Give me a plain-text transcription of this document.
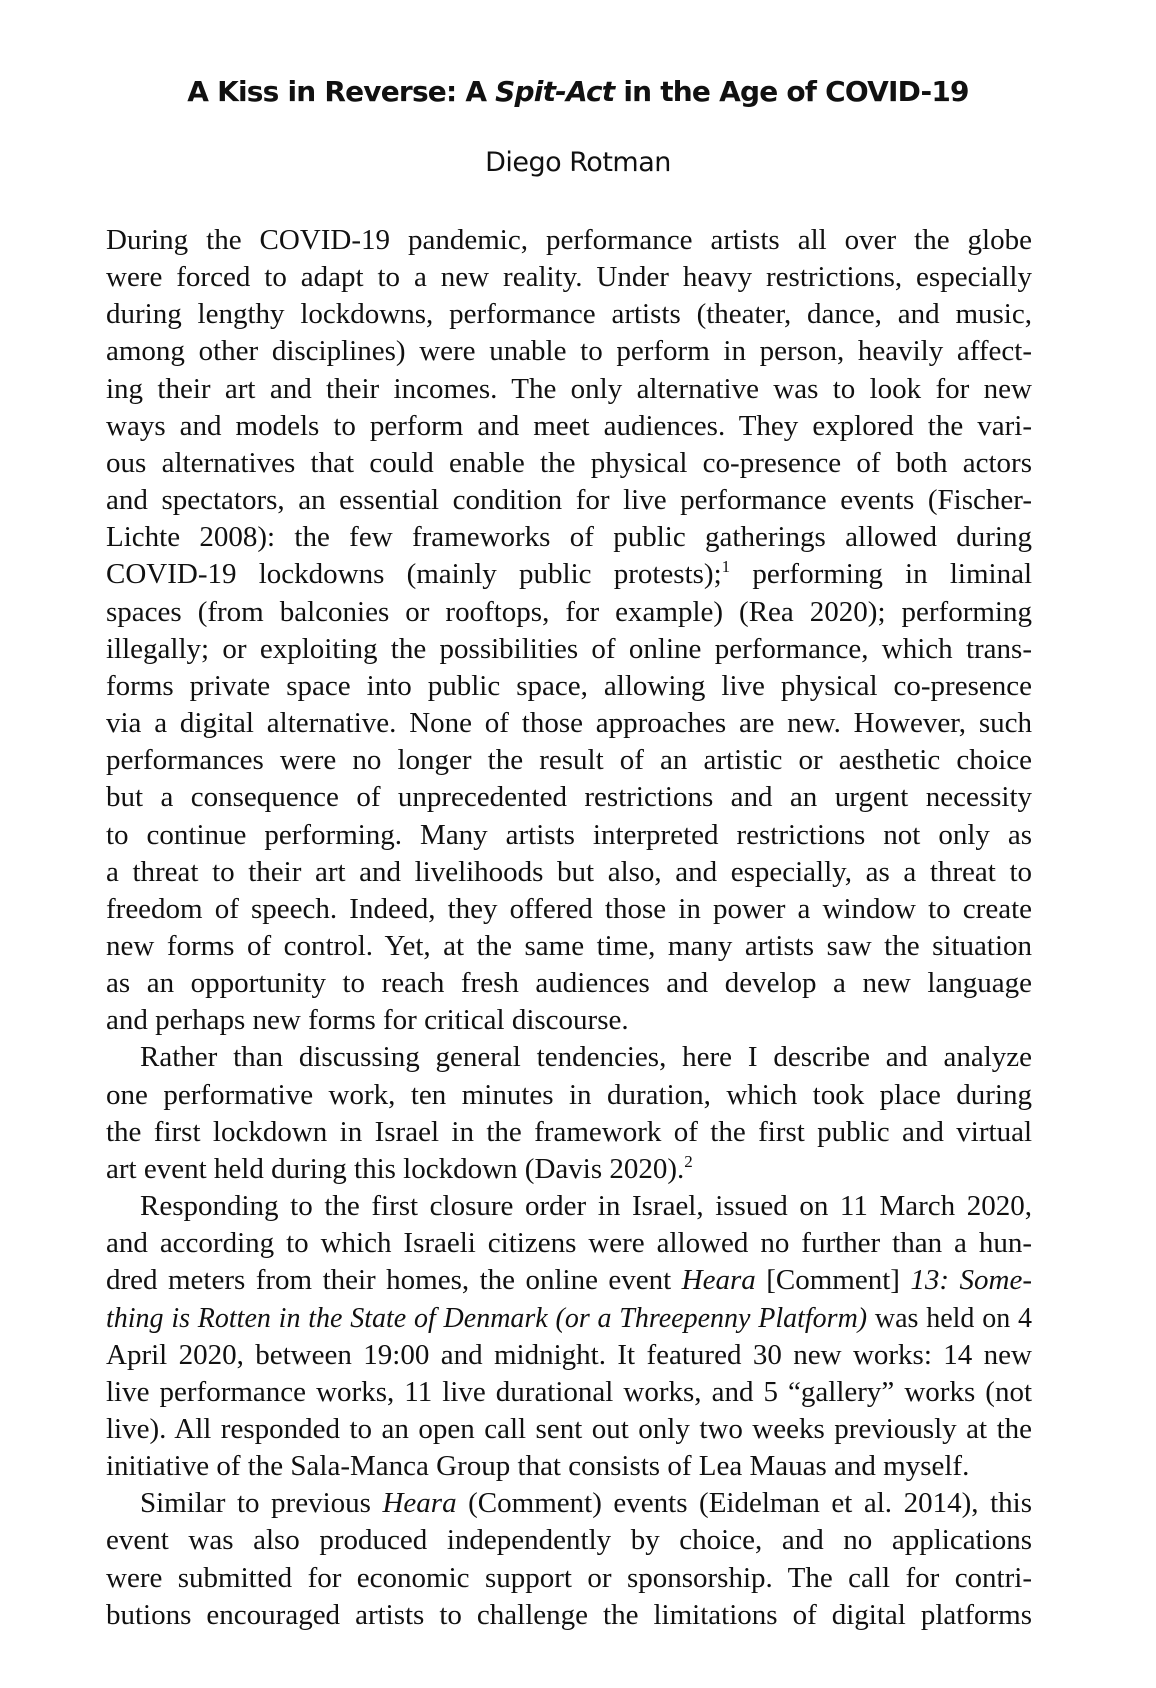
A Kiss in Reverse: A Spit-Act in the Age of COVID-19
Diego Rotman
During the COVID-19 pandemic, performance artists all over the globe
were forced to adapt to a new reality. Under heavy restrictions, especially
during lengthy lockdowns, performance artists (theater, dance, and music,
among other disciplines) were unable to perform in person, heavily affect-
ing their art and their incomes. The only alternative was to look for new
ways and models to perform and meet audiences. They explored the vari-
ous alternatives that could enable the physical co-presence of both actors
and spectators, an essential condition for live performance events (Fischer-
Lichte 2008): the few frameworks of public gatherings allowed during
COVID-19 lockdowns (mainly public protests);$^1$ performing in liminal
spaces (from balconies or rooftops, for example) (Rea 2020); performing
illegally; or exploiting the possibilities of online performance, which trans-
forms private space into public space, allowing live physical co-presence
via a digital alternative. None of those approaches are new. However, such
performances were no longer the result of an artistic or aesthetic choice
but a consequence of unprecedented restrictions and an urgent necessity
to continue performing. Many artists interpreted restrictions not only as
a threat to their art and livelihoods but also, and especially, as a threat to
freedom of speech. Indeed, they offered those in power a window to create
new forms of control. Yet, at the same time, many artists saw the situation
as an opportunity to reach fresh audiences and develop a new language
and perhaps new forms for critical discourse.
Rather than discussing general tendencies, here I describe and analyze
one performative work, ten minutes in duration, which took place during
the first lockdown in Israel in the framework of the first public and virtual
art event held during this lockdown (Davis 2020).$^2$
Responding to the first closure order in Israel, issued on 11 March 2020,
and according to which Israeli citizens were allowed no further than a hun-
dred meters from their homes, the online event Heara [Comment] 13: Some-
thing is Rotten in the State of Denmark (or a Threepenny Platform) was held on 4
April 2020, between 19:00 and midnight. It featured 30 new works: 14 new
live performance works, 11 live durational works, and 5 “gallery” works (not
live). All responded to an open call sent out only two weeks previously at the
initiative of the Sala-Manca Group that consists of Lea Mauas and myself.
Similar to previous Heara (Comment) events (Eidelman et al. 2014), this
event was also produced independently by choice, and no applications
were submitted for economic support or sponsorship. The call for contri-
butions encouraged artists to challenge the limitations of digital platforms
